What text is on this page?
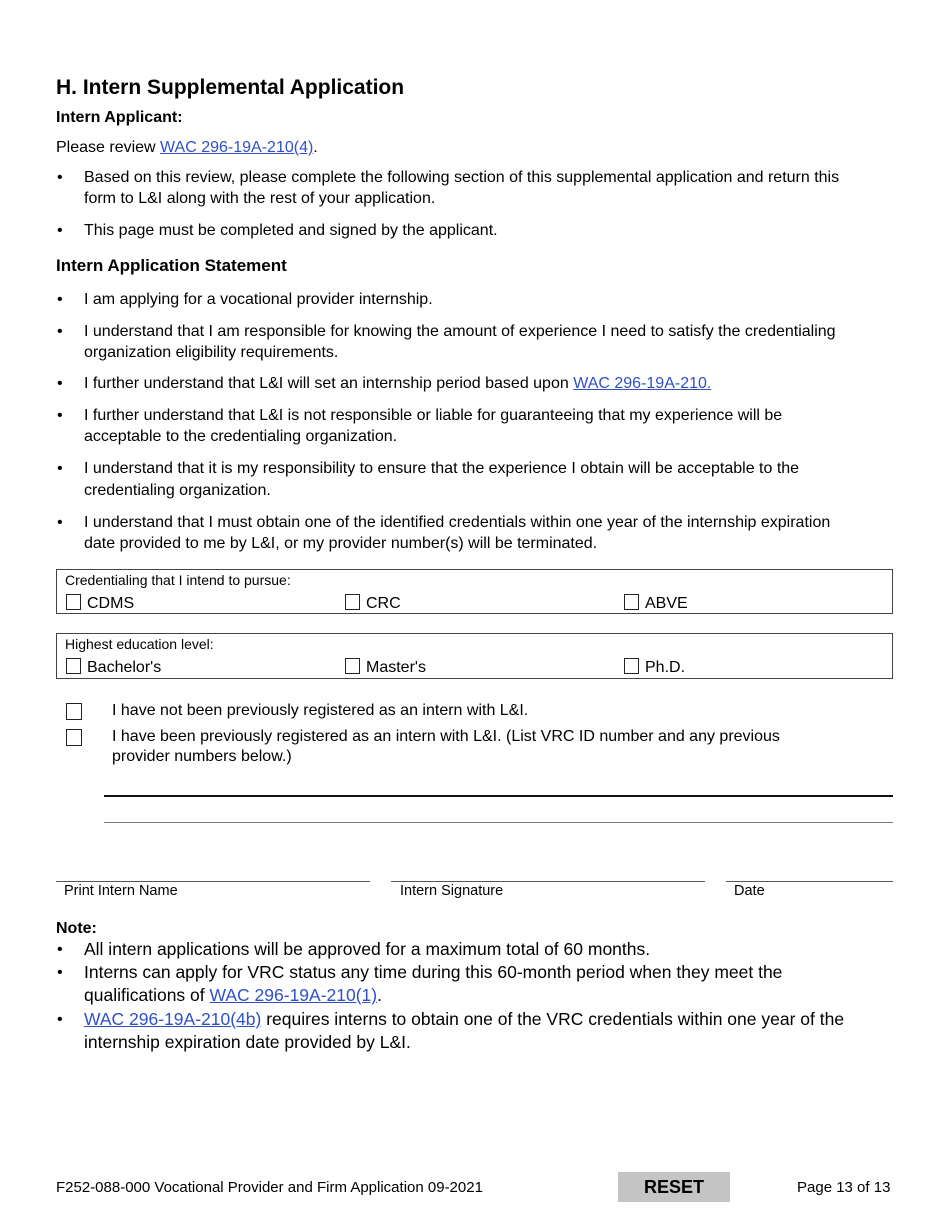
H. Intern Supplemental Application
Intern Applicant:
Please review WAC 296-19A-210(4).
• Based on this review, please complete the following section of this supplemental application and return this
form to L&I along with the rest of your application.
• This page must be completed and signed by the applicant.
Intern Application Statement
• I am applying for a vocational provider internship.
• I understand that I am responsible for knowing the amount of experience I need to satisfy the credentialing
organization eligibility requirements.
• I further understand that L&I will set an internship period based upon WAC 296-19A-210.
• I further understand that L&I is not responsible or liable for guaranteeing that my experience will be
acceptable to the credentialing organization.
• I understand that it is my responsibility to ensure that the experience I obtain will be acceptable to the
credentialing organization.
• I understand that I must obtain one of the identified credentials within one year of the internship expiration
date provided to me by L&I, or my provider number(s) will be terminated.
Credentialing that I intend to pursue:
CDMS	CRC	ABVE
Highest education level:
Bachelor's	Master's	Ph.D.
I have not been previously registered as an intern with L&I.
I have been previously registered as an intern with L&I. (List VRC ID number and any previous
provider numbers below.)
Print Intern Name	Intern Signature	Date
Note:
• All intern applications will be approved for a maximum total of 60 months.
• Interns can apply for VRC status any time during this 60-month period when they meet the
qualifications of WAC 296-19A-210(1).
• WAC 296-19A-210(4b) requires interns to obtain one of the VRC credentials within one year of the
internship expiration date provided by L&I.
F252-088-000 Vocational Provider and Firm Application 09-2021	RESET	Page 13 of 13
